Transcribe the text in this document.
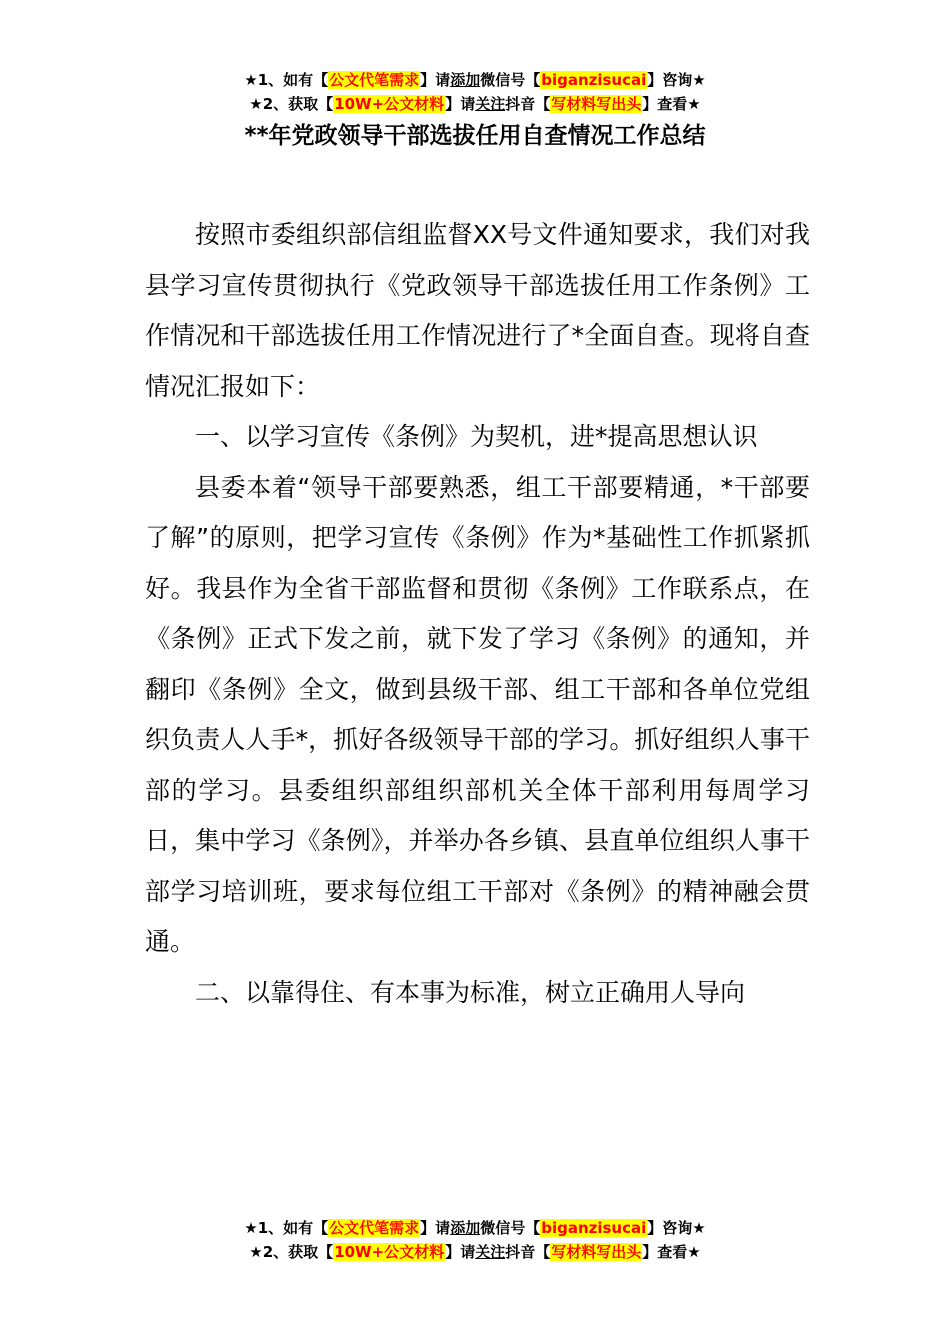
★1、如有【公文代笔需求】请添加微信号【biganzisucai】咨询★
★2、获取【10W+公文材料】请关注抖音【写材料写出头】查看★
**年党政领导干部选拔任用自查情况工作总结

按照市委组织部信组监督XX号文件通知要求，我们对我县学习宣传贯彻执行《党政领导干部选拔任用工作条例》工作情况和干部选拔任用工作情况进行了*全面自查。现将自查情况汇报如下：

一、以学习宣传《条例》为契机，进*提高思想认识

县委本着“领导干部要熟悉，组工干部要精通，*干部要了解”的原则，把学习宣传《条例》作为*基础性工作抓紧抓好。我县作为全省干部监督和贯彻《条例》工作联系点，在《条例》正式下发之前，就下发了学习《条例》的通知，并翻印《条例》全文，做到县级干部、组工干部和各单位党组织负责人人手*，抓好各级领导干部的学习。抓好组织人事干部的学习。县委组织部组织部机关全体干部利用每周学习日，集中学习《条例》，并举办各乡镇、县直单位组织人事干部学习培训班，要求每位组工干部对《条例》的精神融会贯通。

二、以靠得住、有本事为标准，树立正确用人导向

★1、如有【公文代笔需求】请添加微信号【biganzisucai】咨询★
★2、获取【10W+公文材料】请关注抖音【写材料写出头】查看★
